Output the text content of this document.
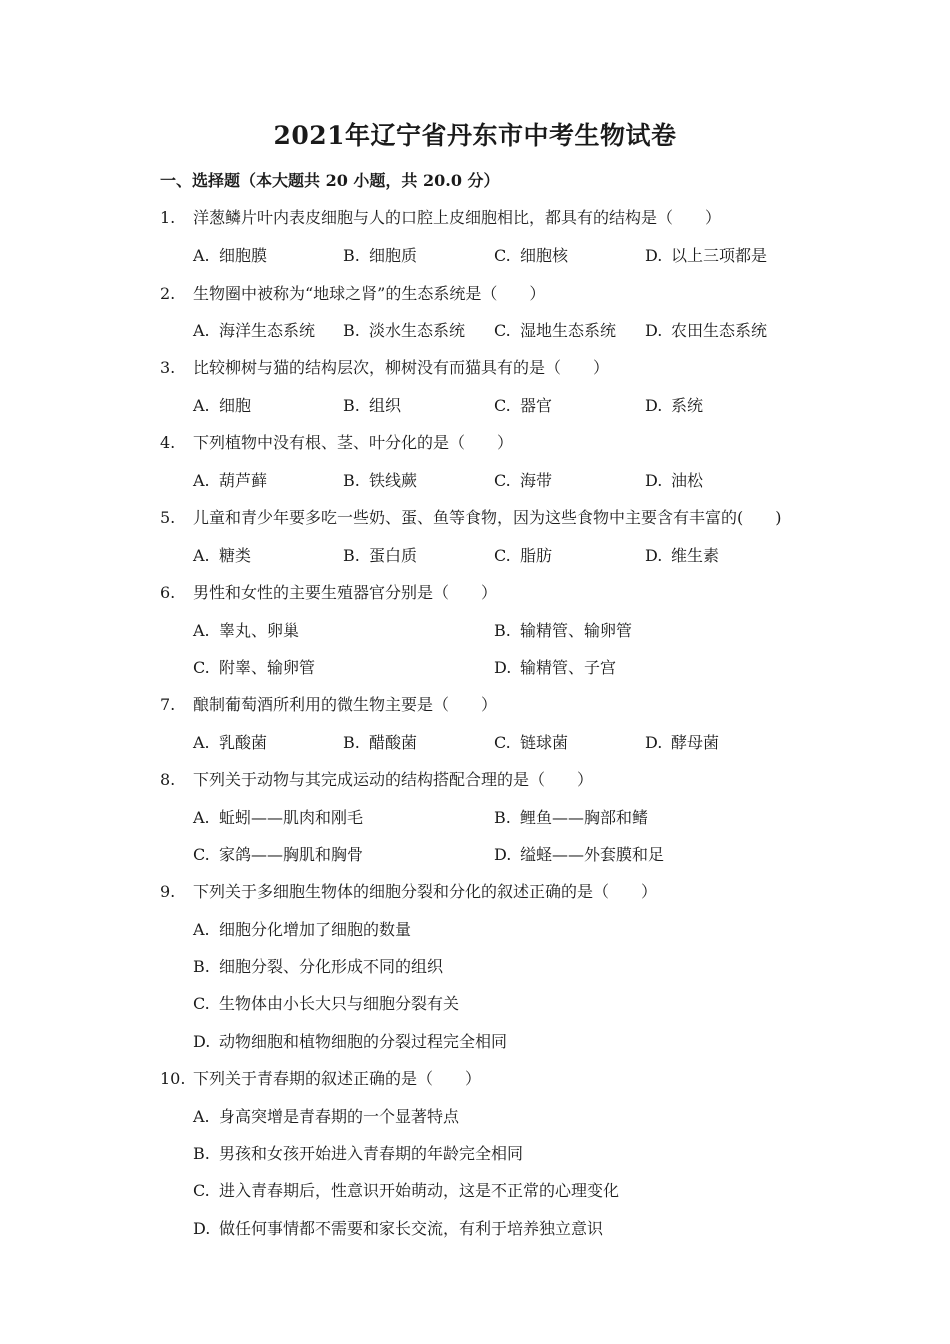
2021年辽宁省丹东市中考生物试卷
一、选择题（本大题共 20 小题，共 20.0 分）
1. 洋葱鳞片叶内表皮细胞与人的口腔上皮细胞相比，都具有的结构是（　　）
A. 细胞膜	B. 细胞质	C. 细胞核	D. 以上三项都是
2. 生物圈中被称为“地球之肾”的生态系统是（　　）
A. 海洋生态系统 B. 淡水生态系统 C. 湿地生态系统 D. 农田生态系统
3. 比较柳树与猫的结构层次，柳树没有而猫具有的是（　　）
A. 细胞	B. 组织	C. 器官	D. 系统
4. 下列植物中没有根、茎、叶分化的是（　　）
A. 葫芦藓	B. 铁线蕨	C. 海带	D. 油松
5. 儿童和青少年要多吃一些奶、蛋、鱼等食物，因为这些食物中主要含有丰富的(　　)
A. 糖类	B. 蛋白质	C. 脂肪	D. 维生素
6. 男性和女性的主要生殖器官分别是（　　）
A. 睾丸、卵巢	B. 输精管、输卵管
C. 附睾、输卵管	D. 输精管、子宫
7. 酿制葡萄酒所利用的微生物主要是（　　）
A. 乳酸菌	B. 醋酸菌	C. 链球菌	D. 酵母菌
8. 下列关于动物与其完成运动的结构搭配合理的是（　　）
A. 蚯蚓——肌肉和刚毛	B. 鲤鱼——胸部和鳍
C. 家鸽——胸肌和胸骨	D. 缢蛏——外套膜和足
9. 下列关于多细胞生物体的细胞分裂和分化的叙述正确的是（　　）
A. 细胞分化增加了细胞的数量
B. 细胞分裂、分化形成不同的组织
C. 生物体由小长大只与细胞分裂有关
D. 动物细胞和植物细胞的分裂过程完全相同
10. 下列关于青春期的叙述正确的是（　　）
A. 身高突增是青春期的一个显著特点
B. 男孩和女孩开始进入青春期的年龄完全相同
C. 进入青春期后，性意识开始萌动，这是不正常的心理变化
D. 做任何事情都不需要和家长交流，有利于培养独立意识
